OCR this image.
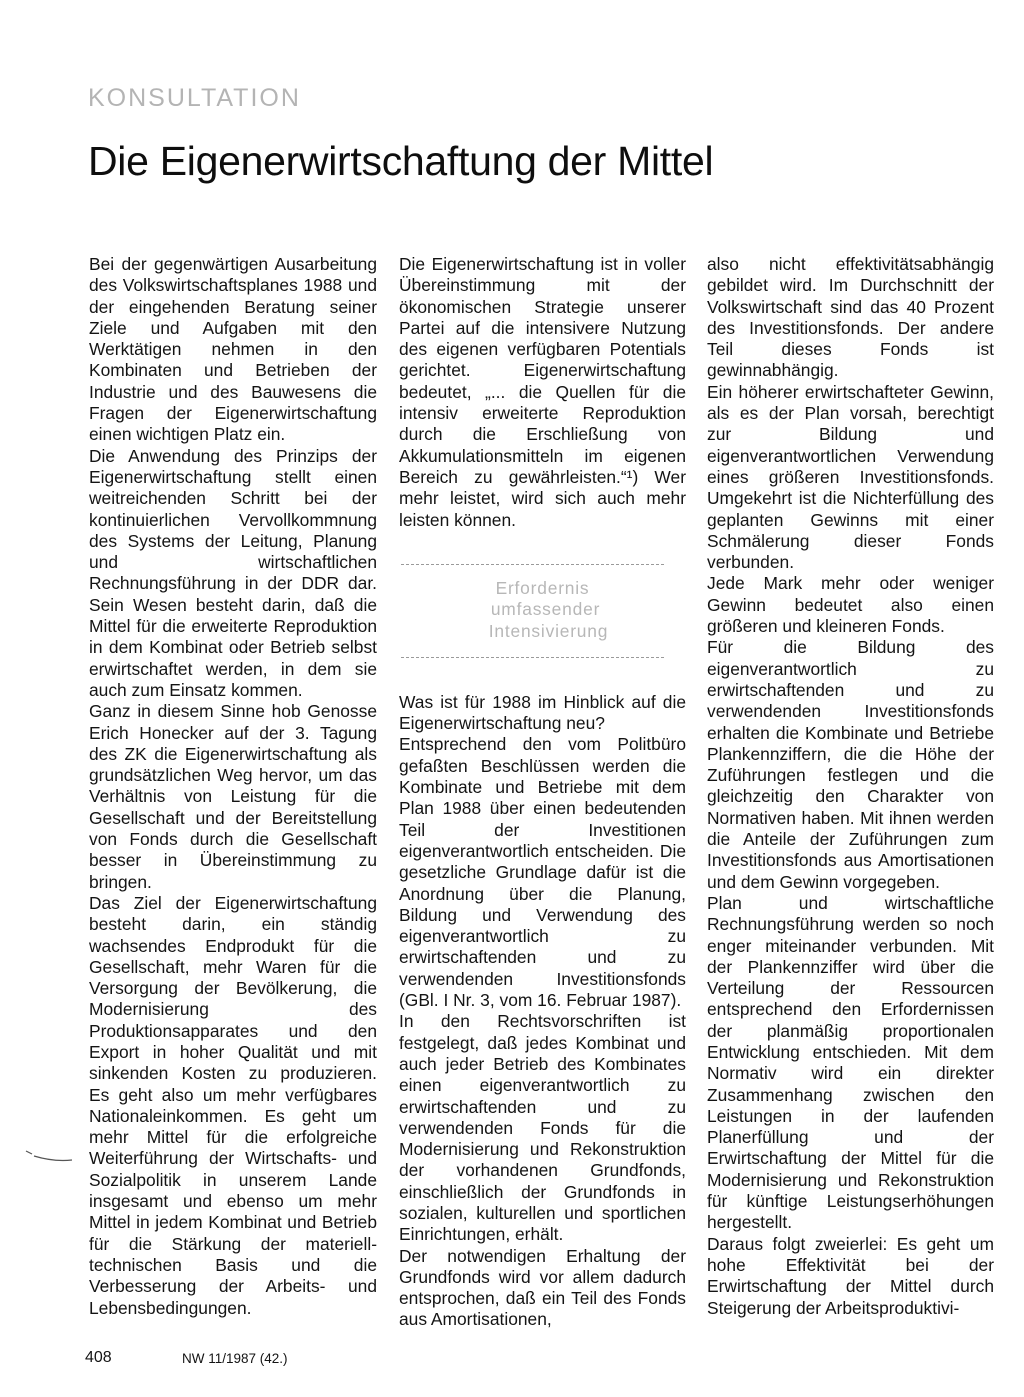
KONSULTATION
Die Eigenerwirtschaftung der Mittel

Bei der gegenwärtigen Ausarbeitung des Volkswirtschaftsplanes 1988 und der eingehenden Beratung seiner Ziele und Aufgaben mit den Werktätigen nehmen in den Kombinaten und Betrieben der Industrie und des Bauwesens die Fragen der Eigenerwirtschaftung einen wichtigen Platz ein.

Die Anwendung des Prinzips der Eigenerwirtschaftung stellt einen weitreichenden Schritt bei der kontinuierlichen Vervollkommnung des Systems der Leitung, Planung und wirtschaftlichen Rechnungsführung in der DDR dar. Sein Wesen besteht darin, daß die Mittel für die erweiterte Reproduktion in dem Kombinat oder Betrieb selbst erwirtschaftet werden, in dem sie auch zum Einsatz kommen.

Ganz in diesem Sinne hob Genosse Erich Honecker auf der 3. Tagung des ZK die Eigenerwirtschaftung als grundsätzlichen Weg hervor, um das Verhältnis von Leistung für die Gesellschaft und der Bereitstellung von Fonds durch die Gesellschaft besser in Übereinstimmung zu bringen.

Das Ziel der Eigenerwirtschaftung besteht darin, ein ständig wachsendes Endprodukt für die Gesellschaft, mehr Waren für die Versorgung der Bevölkerung, die Modernisierung des Produktionsapparates und den Export in hoher Qualität und mit sinkenden Kosten zu produzieren. Es geht also um mehr verfügbares Nationaleinkommen. Es geht um mehr Mittel für die erfolgreiche Weiterführung der Wirtschafts- und Sozialpolitik in unserem Lande insgesamt und ebenso um mehr Mittel in jedem Kombinat und Betrieb für die Stärkung der materiell-technischen Basis und die Verbesserung der Arbeits- und Lebensbedingungen.

Die Eigenerwirtschaftung ist in voller Übereinstimmung mit der ökonomischen Strategie unserer Partei auf die intensivere Nutzung des eigenen verfügbaren Potentials gerichtet. Eigenerwirtschaftung bedeutet, „... die Quellen für die intensiv erweiterte Reproduktion durch die Erschließung von Akkumulationsmitteln im eigenen Bereich zu gewährleisten.“¹) Wer mehr leistet, wird sich auch mehr leisten können.

Erfordernis
umfassender
Intensivierung

Was ist für 1988 im Hinblick auf die Eigenerwirtschaftung neu?

Entsprechend den vom Politbüro gefaßten Beschlüssen werden die Kombinate und Betriebe mit dem Plan 1988 über einen bedeutenden Teil der Investitionen eigenverantwortlich entscheiden. Die gesetzliche Grundlage dafür ist die Anordnung über die Planung, Bildung und Verwendung des eigenverantwortlich zu erwirtschaftenden und zu verwendenden Investitionsfonds (GBl. I Nr. 3, vom 16. Februar 1987).

In den Rechtsvorschriften ist festgelegt, daß jedes Kombinat und auch jeder Betrieb des Kombinates einen eigenverantwortlich zu erwirtschaftenden und zu verwendenden Fonds für die Modernisierung und Rekonstruktion der vorhandenen Grundfonds, einschließlich der Grundfonds in sozialen, kulturellen und sportlichen Einrichtungen, erhält.

Der notwendigen Erhaltung der Grundfonds wird vor allem dadurch entsprochen, daß ein Teil des Fonds aus Amortisationen,

also nicht effektivitätsabhängig gebildet wird. Im Durchschnitt der Volkswirtschaft sind das 40 Prozent des Investitionsfonds. Der andere Teil dieses Fonds ist gewinnabhängig.

Ein höherer erwirtschafteter Gewinn, als es der Plan vorsah, berechtigt zur Bildung und eigenverantwortlichen Verwendung eines größeren Investitionsfonds. Umgekehrt ist die Nichterfüllung des geplanten Gewinns mit einer Schmälerung dieser Fonds verbunden.

Jede Mark mehr oder weniger Gewinn bedeutet also einen größeren und kleineren Fonds.

Für die Bildung des eigenverantwortlich zu erwirtschaftenden und zu verwendenden Investitionsfonds erhalten die Kombinate und Betriebe Plankennziffern, die die Höhe der Zuführungen festlegen und die gleichzeitig den Charakter von Normativen haben. Mit ihnen werden die Anteile der Zuführungen zum Investitionsfonds aus Amortisationen und dem Gewinn vorgegeben.

Plan und wirtschaftliche Rechnungsführung werden so noch enger miteinander verbunden. Mit der Plankennziffer wird über die Verteilung der Ressourcen entsprechend den Erfordernissen der planmäßig proportionalen Entwicklung entschieden. Mit dem Normativ wird ein direkter Zusammenhang zwischen den Leistungen in der laufenden Planerfüllung und der Erwirtschaftung der Mittel für die Modernisierung und Rekonstruktion für künftige Leistungserhöhungen hergestellt.

Daraus folgt zweierlei: Es geht um hohe Effektivität bei der Erwirtschaftung der Mittel durch Steigerung der Arbeitsproduktivi-

408	NW 11/1987 (42.)
